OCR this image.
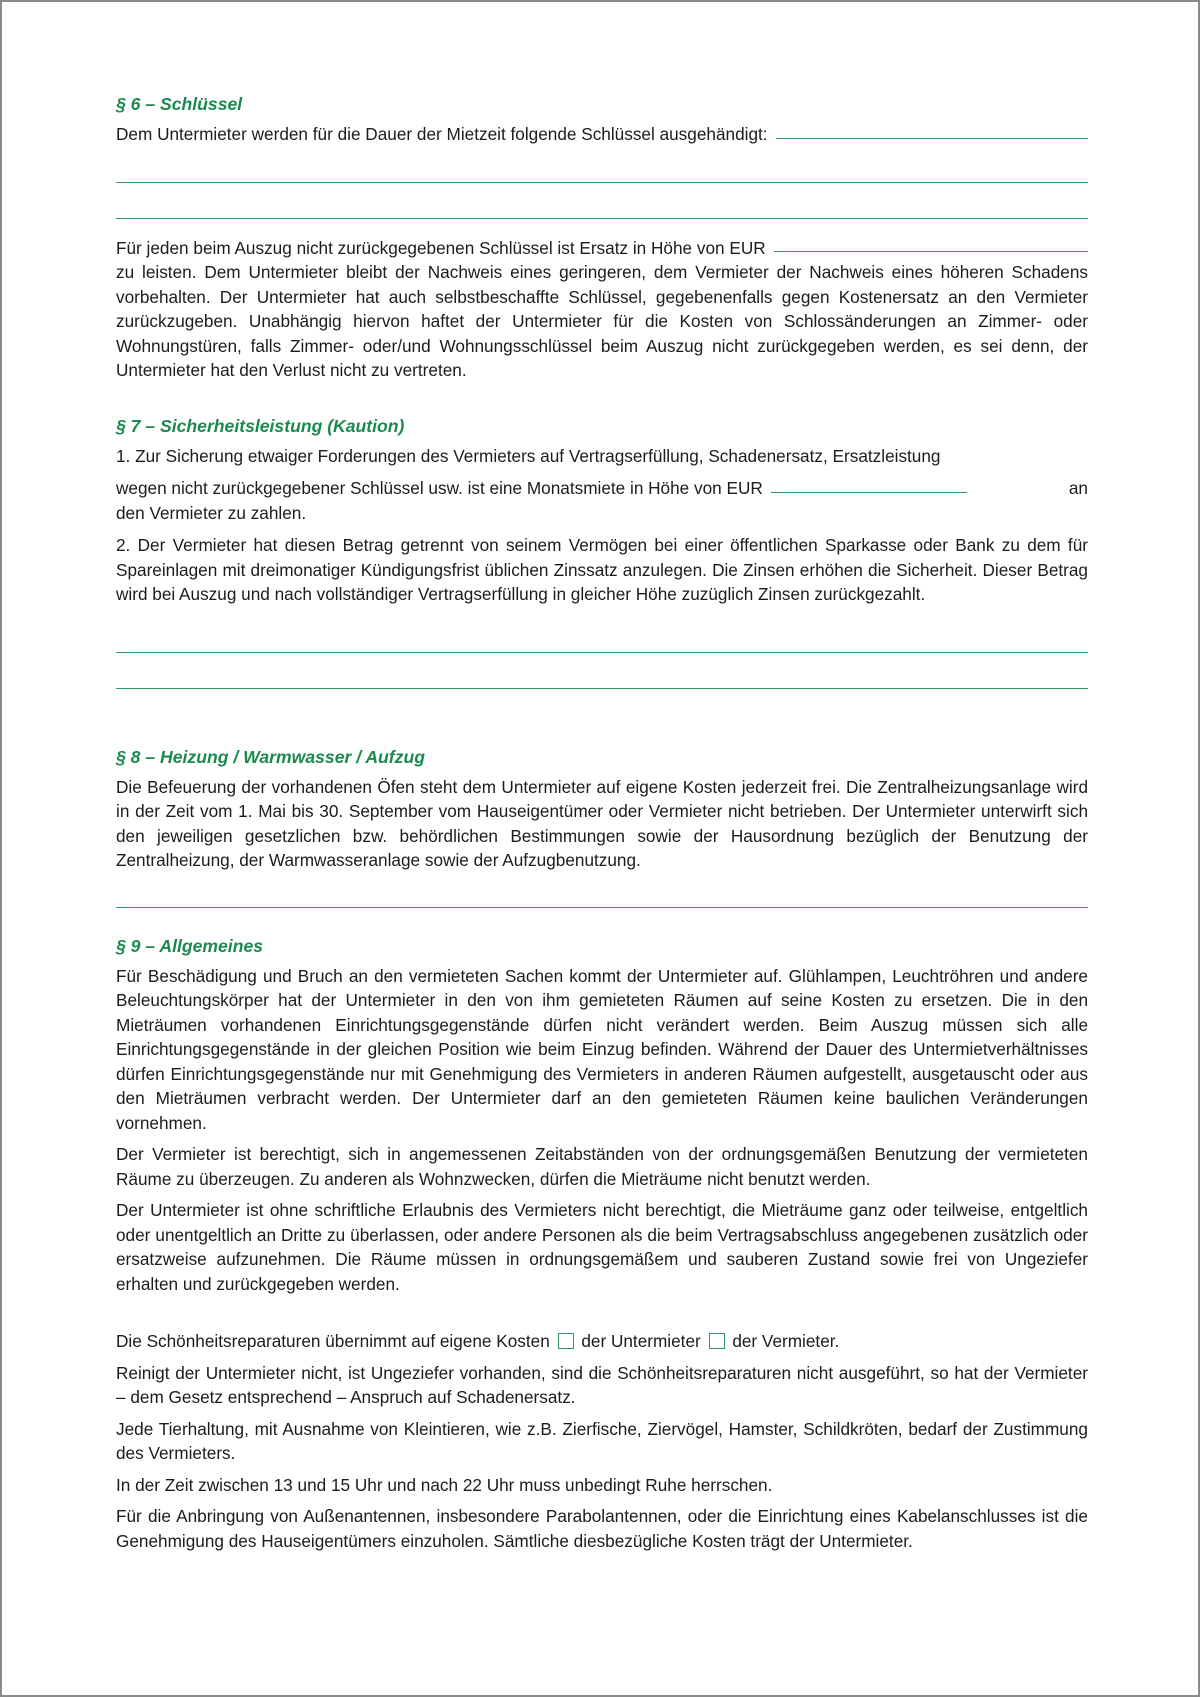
§ 6 – Schlüssel
Dem Untermieter werden für die Dauer der Mietzeit folgende Schlüssel ausgehändigt:
Für jeden beim Auszug nicht zurückgegebenen Schlüssel ist Ersatz in Höhe von EUR

zu leisten. Dem Untermieter bleibt der Nachweis eines geringeren, dem Vermieter der Nachweis eines höheren Schadens vorbehalten. Der Untermieter hat auch selbstbeschaffte Schlüssel, gegebenenfalls gegen Kostenersatz an den Vermieter zurückzugeben. Unabhängig hiervon haftet der Untermieter für die Kosten von Schlossänderungen an Zimmer- oder Wohnungstüren, falls Zimmer- oder/und Wohnungsschlüssel beim Auszug nicht zurückgegeben werden, es sei denn, der Untermieter hat den Verlust nicht zu vertreten.

§ 7 – Sicherheitsleistung (Kaution)

1. Zur Sicherung etwaiger Forderungen des Vermieters auf Vertragserfüllung, Schadenersatz, Ersatzleistung

wegen nicht zurückgegebener Schlüssel usw. ist eine Monatsmiete in Höhe von EUR	an

den Vermieter zu zahlen.

2. Der Vermieter hat diesen Betrag getrennt von seinem Vermögen bei einer öffentlichen Sparkasse oder Bank zu dem für Spareinlagen mit dreimonatiger Kündigungsfrist üblichen Zinssatz anzulegen. Die Zinsen erhöhen die Sicherheit. Dieser Betrag wird bei Auszug und nach vollständiger Vertragserfüllung in gleicher Höhe zuzüglich Zinsen zurückgezahlt.

§ 8 – Heizung / Warmwasser / Aufzug

Die Befeuerung der vorhandenen Öfen steht dem Untermieter auf eigene Kosten jederzeit frei. Die Zentralheizungsanlage wird in der Zeit vom 1. Mai bis 30. September vom Hauseigentümer oder Vermieter nicht betrieben. Der Untermieter unterwirft sich den jeweiligen gesetzlichen bzw. behördlichen Bestimmungen sowie der Hausordnung bezüglich der Benutzung der Zentralheizung, der Warmwasseranlage sowie der Aufzugbenutzung.

§ 9 – Allgemeines

Für Beschädigung und Bruch an den vermieteten Sachen kommt der Untermieter auf. Glühlampen, Leuchtröhren und andere Beleuchtungskörper hat der Untermieter in den von ihm gemieteten Räumen auf seine Kosten zu ersetzen. Die in den Mieträumen vorhandenen Einrichtungsgegenstände dürfen nicht verändert werden. Beim Auszug müssen sich alle Einrichtungsgegenstände in der gleichen Position wie beim Einzug befinden. Während der Dauer des Untermietverhältnisses dürfen Einrichtungsgegenstände nur mit Genehmigung des Vermieters in anderen Räumen aufgestellt, ausgetauscht oder aus den Mieträumen verbracht werden. Der Untermieter darf an den gemieteten Räumen keine baulichen Veränderungen vornehmen.

Der Vermieter ist berechtigt, sich in angemessenen Zeitabständen von der ordnungsgemäßen Benutzung der vermieteten Räume zu überzeugen. Zu anderen als Wohnzwecken, dürfen die Mieträume nicht benutzt werden.

Der Untermieter ist ohne schriftliche Erlaubnis des Vermieters nicht berechtigt, die Mieträume ganz oder teilweise, entgeltlich oder unentgeltlich an Dritte zu überlassen, oder andere Personen als die beim Vertragsabschluss angegebenen zusätzlich oder ersatzweise aufzunehmen. Die Räume müssen in ordnungsgemäßem und sauberen Zustand sowie frei von Ungeziefer erhalten und zurückgegeben werden.

Die Schönheitsreparaturen übernimmt auf eigene Kosten der Untermieter der Vermieter.

Reinigt der Untermieter nicht, ist Ungeziefer vorhanden, sind die Schönheitsreparaturen nicht ausgeführt, so hat der Vermieter – dem Gesetz entsprechend – Anspruch auf Schadenersatz.

Jede Tierhaltung, mit Ausnahme von Kleintieren, wie z.B. Zierfische, Ziervögel, Hamster, Schildkröten, bedarf der Zustimmung des Vermieters.

In der Zeit zwischen 13 und 15 Uhr und nach 22 Uhr muss unbedingt Ruhe herrschen.

Für die Anbringung von Außenantennen, insbesondere Parabolantennen, oder die Einrichtung eines Kabelanschlusses ist die Genehmigung des Hauseigentümers einzuholen. Sämtliche diesbezügliche Kosten trägt der Untermieter.
